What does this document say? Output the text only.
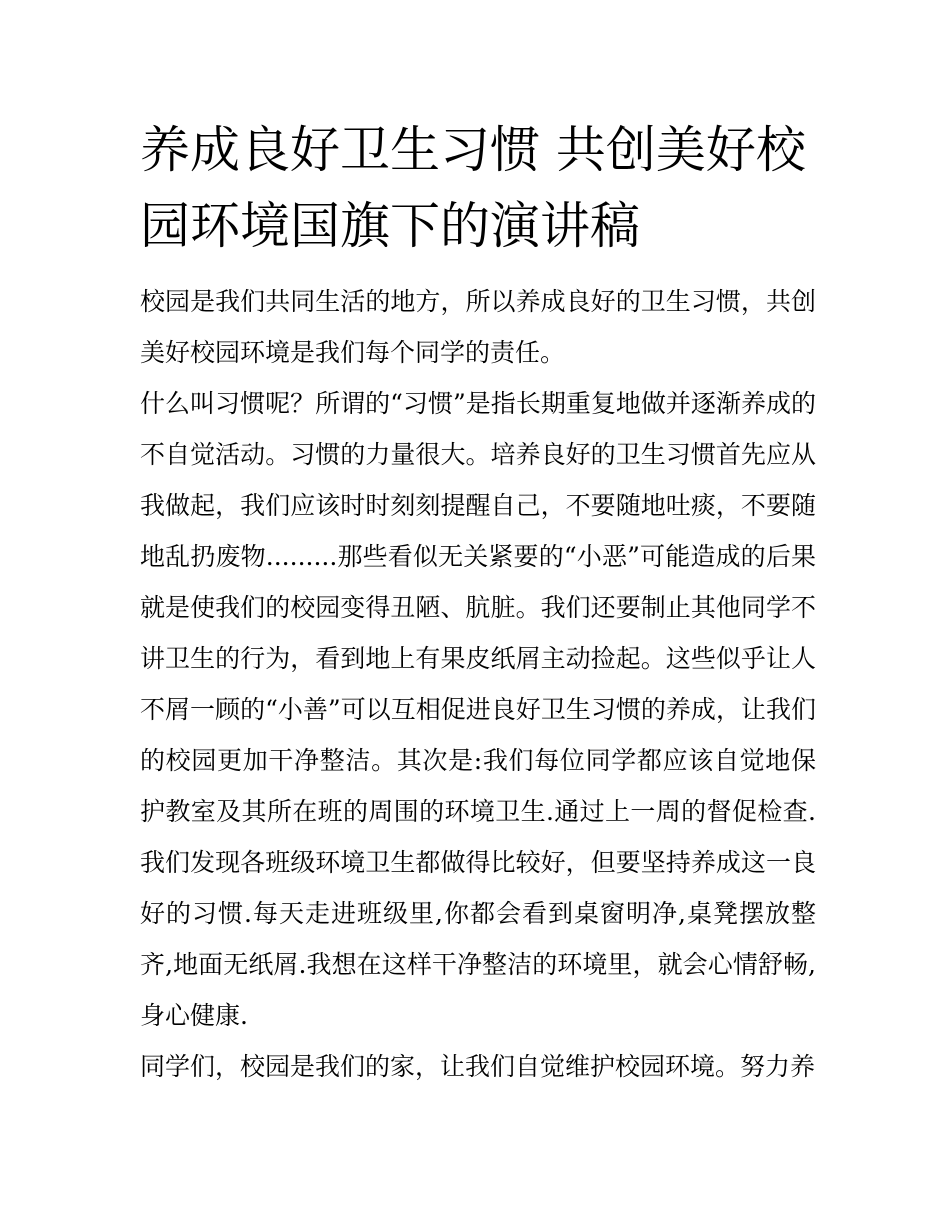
养成良好卫生习惯 共创美好校园环境国旗下的演讲稿

校园是我们共同生活的地方，所以养成良好的卫生习惯，共创美好校园环境是我们每个同学的责任。

什么叫习惯呢？所谓的“习惯”是指长期重复地做并逐渐养成的不自觉活动。习惯的力量很大。培养良好的卫生习惯首先应从我做起，我们应该时时刻刻提醒自己，不要随地吐痰，不要随地乱扔废物.........那些看似无关紧要的“小恶”可能造成的后果就是使我们的校园变得丑陋、肮脏。我们还要制止其他同学不讲卫生的行为，看到地上有果皮纸屑主动捡起。这些似乎让人不屑一顾的“小善”可以互相促进良好卫生习惯的养成，让我们的校园更加干净整洁。其次是:我们每位同学都应该自觉地保护教室及其所在班的周围的环境卫生.通过上一周的督促检查.我们发现各班级环境卫生都做得比较好，但要坚持养成这一良好的习惯.每天走进班级里,你都会看到桌窗明净,桌凳摆放整齐,地面无纸屑.我想在这样干净整洁的环境里，就会心情舒畅,身心健康.

同学们，校园是我们的家，让我们自觉维护校园环境。努力养
